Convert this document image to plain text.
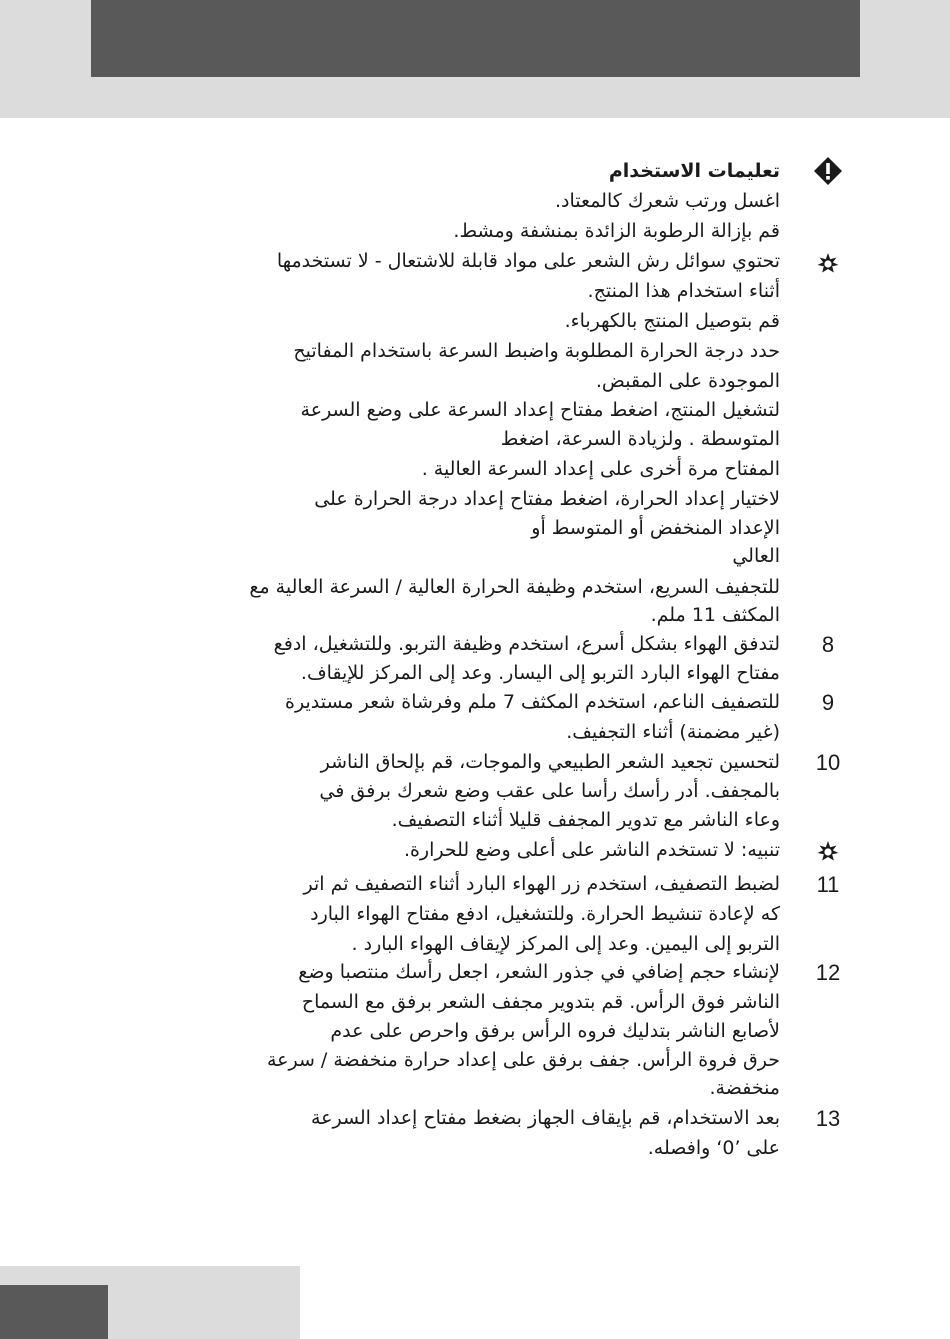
تعليمات الاستخدام
اغسل ورتب شعرك كالمعتاد.
قم بإزالة الرطوبة الزائدة بمنشفة ومشط.
تحتوي سوائل رش الشعر على مواد قابلة للاشتعال - لا تستخدمها
أثناء استخدام هذا المنتج.
قم بتوصيل المنتج بالكهرباء.
حدد درجة الحرارة المطلوبة واضبط السرعة باستخدام المفاتيح
الموجودة على المقبض.
لتشغيل المنتج، اضغط مفتاح إعداد السرعة على وضع السرعة
المتوسطة . ولزيادة السرعة، اضغط
المفتاح مرة أخرى على إعداد السرعة العالية .
لاختيار إعداد الحرارة، اضغط مفتاح إعداد درجة الحرارة على
الإعداد المنخفض أو المتوسط أو
العالي
للتجفيف السريع، استخدم وظيفة الحرارة العالية / السرعة العالية مع
المكثف 11 ملم.
8
لتدفق الهواء بشكل أسرع، استخدم وظيفة التربو. وللتشغيل، ادفع
مفتاح الهواء البارد التربو إلى اليسار. وعد إلى المركز للإيقاف.
9
للتصفيف الناعم، استخدم المكثف 7 ملم وفرشاة شعر مستديرة
(غير مضمنة) أثناء التجفيف.
10
لتحسين تجعيد الشعر الطبيعي والموجات، قم بإلحاق الناشر
بالمجفف. أدر رأسك رأسا على عقب وضع شعرك برفق في
وعاء الناشر مع تدوير المجفف قليلا أثناء التصفيف.
تنبيه: لا تستخدم الناشر على أعلى وضع للحرارة.
11
لضبط التصفيف، استخدم زر الهواء البارد أثناء التصفيف ثم اتر
كه لإعادة تنشيط الحرارة. وللتشغيل، ادفع مفتاح الهواء البارد
التربو إلى اليمين. وعد إلى المركز لإيقاف الهواء البارد .
12
لإنشاء حجم إضافي في جذور الشعر، اجعل رأسك منتصبا وضع
الناشر فوق الرأس. قم بتدوير مجفف الشعر برفق مع السماح
لأصابع الناشر بتدليك فروه الرأس برفق واحرص على عدم
حرق فروة الرأس. جفف برفق على إعداد حرارة منخفضة / سرعة
منخفضة.
13
بعد الاستخدام، قم بإيقاف الجهاز بضغط مفتاح إعداد السرعة
على ’0‘ وافصله.
